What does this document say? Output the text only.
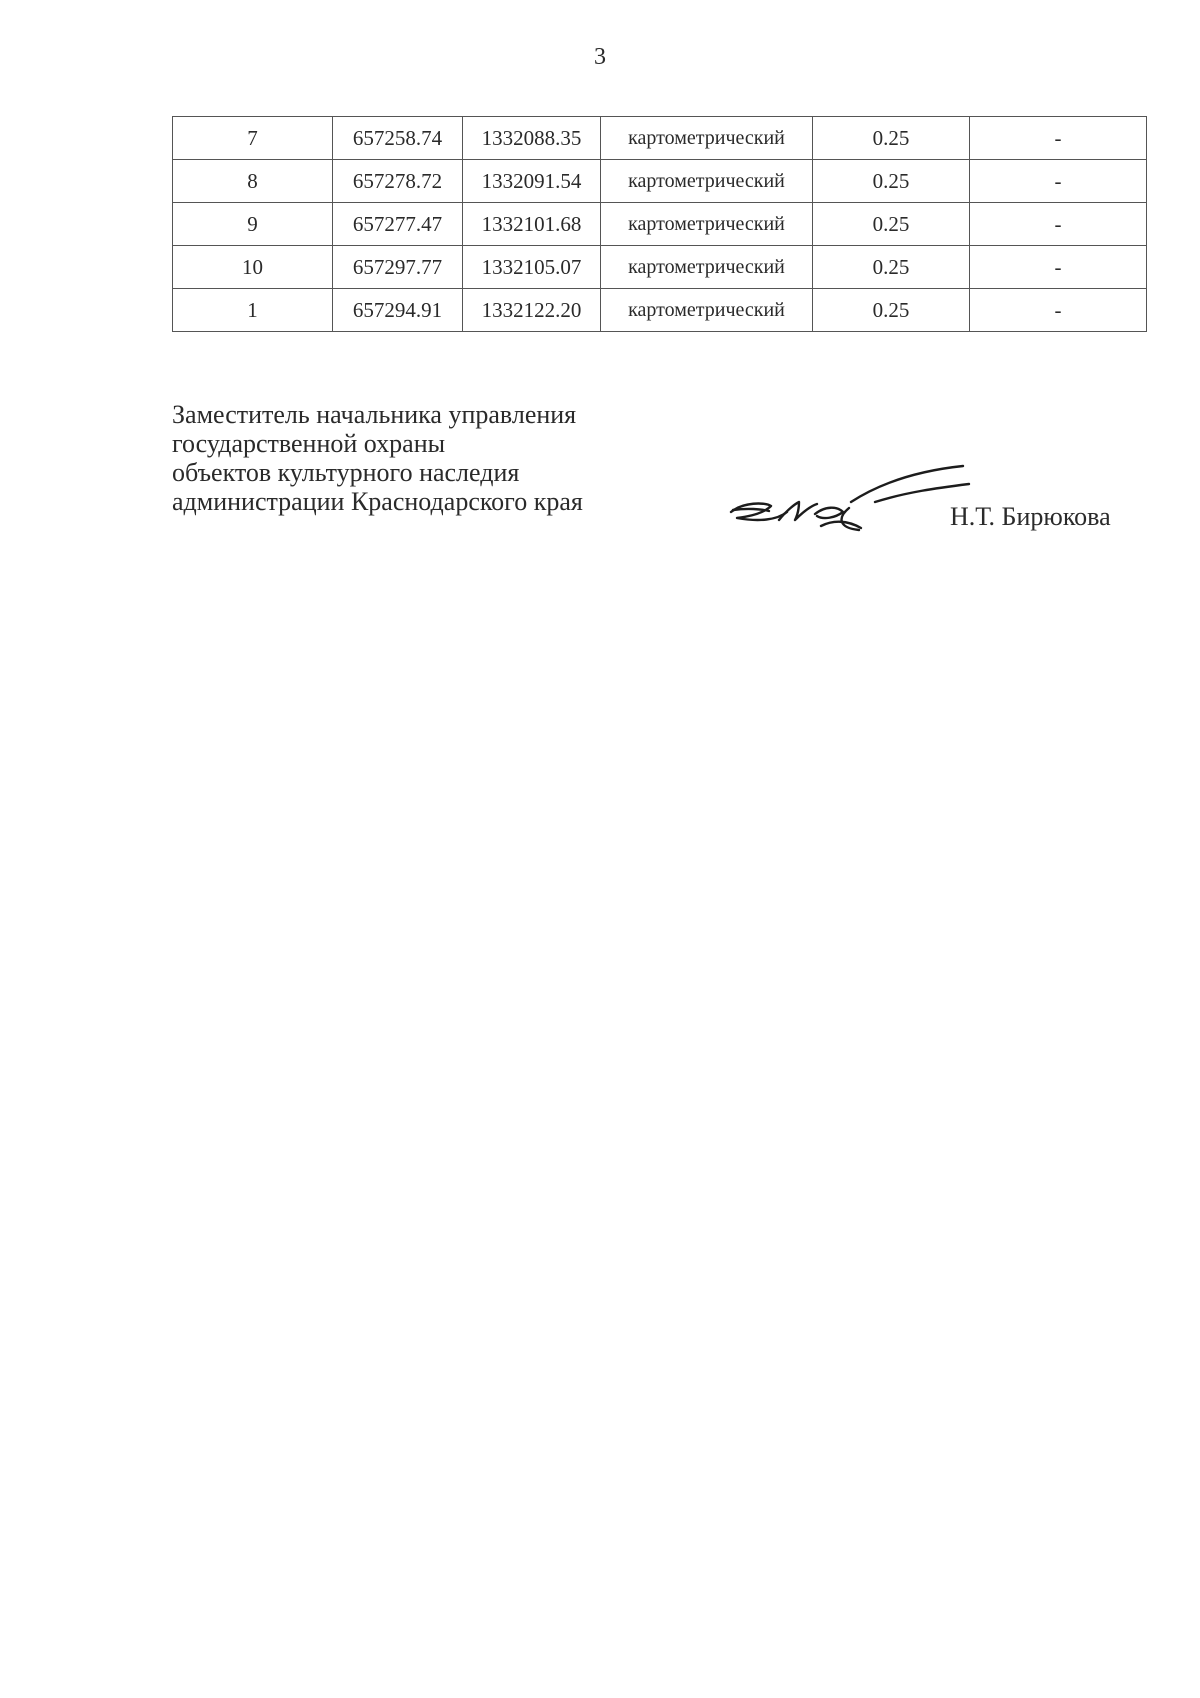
3
7	657258.74	1332088.35	картометрический	0.25	-
8	657278.72	1332091.54	картометрический	0.25	-
9	657277.47	1332101.68	картометрический	0.25	-
10	657297.77	1332105.07	картометрический	0.25	-
1	657294.91	1332122.20	картометрический	0.25	-
Заместитель начальника управления
государственной охраны
объектов культурного наследия
администрации Краснодарского края
Н.Т. Бирюкова
